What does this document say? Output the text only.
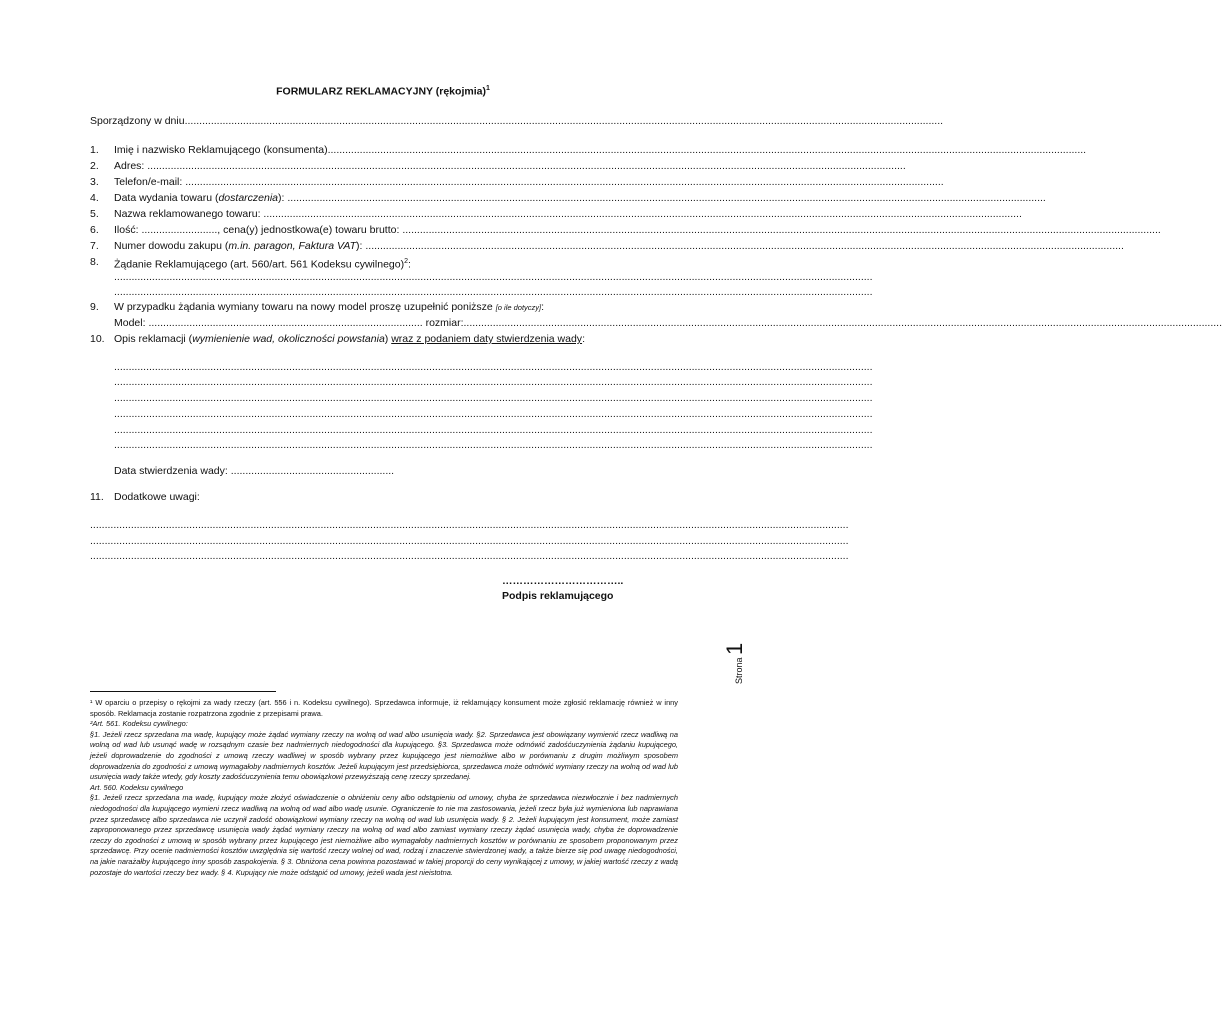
FORMULARZ REKLAMACYJNY (rękojmia)$^1$
Sporządzony w dniu....................................................................................................................................................................................................................................................................
1. Imię i nazwisko Reklamującego (konsumenta)....................................................................................................................................................................................................................................................................
2. Adres: ....................................................................................................................................................................................................................................................................
3. Telefon/e-mail: ....................................................................................................................................................................................................................................................................
4. Data wydania towaru (dostarczenia): ....................................................................................................................................................................................................................................................................
5. Nazwa reklamowanego towaru: ....................................................................................................................................................................................................................................................................
6. Ilość: .........................., cena(y) jednostkowa(e) towaru brutto: ....................................................................................................................................................................................................................................................................
7. Numer dowodu zakupu (m.in. paragon, Faktura VAT): ....................................................................................................................................................................................................................................................................
8. Żądanie Reklamującego (art. 560/art. 561 Kodeksu cywilnego)$^2$:
....................................................................................................................................................................................................................................................................
....................................................................................................................................................................................................................................................................
9. W przypadku żądania wymiany towaru na nowy model proszę uzupełnić poniższe [o ile dotyczy]:
Model: .............................................................................................. rozmiar:....................................................................................................................................................................................................................................................................
10. Opis reklamacji (wymienienie wad, okoliczności powstania) wraz z podaniem daty stwierdzenia wady:
....................................................................................................................................................................................................................................................................
....................................................................................................................................................................................................................................................................
....................................................................................................................................................................................................................................................................
....................................................................................................................................................................................................................................................................
....................................................................................................................................................................................................................................................................
....................................................................................................................................................................................................................................................................
Data stwierdzenia wady: ........................................................
11. Dodatkowe uwagi:
....................................................................................................................................................................................................................................................................
....................................................................................................................................................................................................................................................................
....................................................................................................................................................................................................................................................................
……………………………..
Podpis reklamującego
Strona 1

¹ W oparciu o przepisy o rękojmi za wady rzeczy (art. 556 i n. Kodeksu cywilnego). Sprzedawca informuje, iż reklamujący konsument może zgłosić reklamację również w inny sposób. Reklamacja zostanie rozpatrzona zgodnie z przepisami prawa.

²Art. 561. Kodeksu cywilnego:

§1. Jeżeli rzecz sprzedana ma wadę, kupujący może żądać wymiany rzeczy na wolną od wad albo usunięcia wady. §2. Sprzedawca jest obowiązany wymienić rzecz wadliwą na wolną od wad lub usunąć wadę w rozsądnym czasie bez nadmiernych niedogodności dla kupującego. §3. Sprzedawca może odmówić zadośćuczynienia żądaniu kupującego, jeżeli doprowadzenie do zgodności z umową rzeczy wadliwej w sposób wybrany przez kupującego jest niemożliwe albo w porównaniu z drugim możliwym sposobem doprowadzenia do zgodności z umową wymagałoby nadmiernych kosztów. Jeżeli kupującym jest przedsiębiorca, sprzedawca może odmówić wymiany rzeczy na wolną od wad lub usunięcia wady także wtedy, gdy koszty zadośćuczynienia temu obowiązkowi przewyższają cenę rzeczy sprzedanej.

Art. 560. Kodeksu cywilnego

§1. Jeżeli rzecz sprzedana ma wadę, kupujący może złożyć oświadczenie o obniżeniu ceny albo odstąpieniu od umowy, chyba że sprzedawca niezwłocznie i bez nadmiernych niedogodności dla kupującego wymieni rzecz wadliwą na wolną od wad albo wadę usunie. Ograniczenie to nie ma zastosowania, jeżeli rzecz była już wymieniona lub naprawiana przez sprzedawcę albo sprzedawca nie uczynił zadość obowiązkowi wymiany rzeczy na wolną od wad lub usunięcia wady. § 2. Jeżeli kupującym jest konsument, może zamiast zaproponowanego przez sprzedawcę usunięcia wady żądać wymiany rzeczy na wolną od wad albo zamiast wymiany rzeczy żądać usunięcia wady, chyba że doprowadzenie rzeczy do zgodności z umową w sposób wybrany przez kupującego jest niemożliwe albo wymagałoby nadmiernych kosztów w porównaniu ze sposobem proponowanym przez sprzedawcę. Przy ocenie nadmierności kosztów uwzględnia się wartość rzeczy wolnej od wad, rodzaj i znaczenie stwierdzonej wady, a także bierze się pod uwagę niedogodności, na jakie narażałby kupującego inny sposób zaspokojenia. § 3. Obniżona cena powinna pozostawać w takiej proporcji do ceny wynikającej z umowy, w jakiej wartość rzeczy z wadą pozostaje do wartości rzeczy bez wady. § 4. Kupujący nie może odstąpić od umowy, jeżeli wada jest nieistotna.
